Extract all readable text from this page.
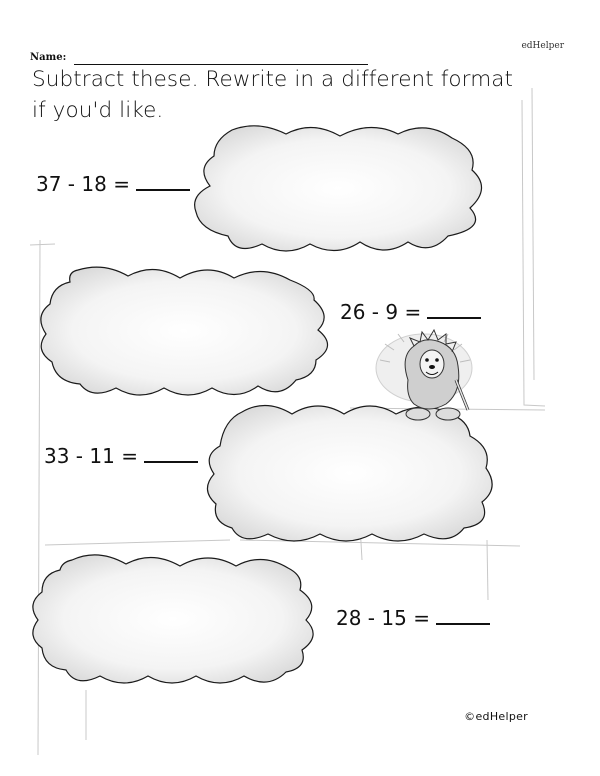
edHelper
Name:
Subtract these. Rewrite in a different format if you'd like.
37 - 18 =
26 - 9 =
33 - 11 =
28 - 15 =
©edHelper
